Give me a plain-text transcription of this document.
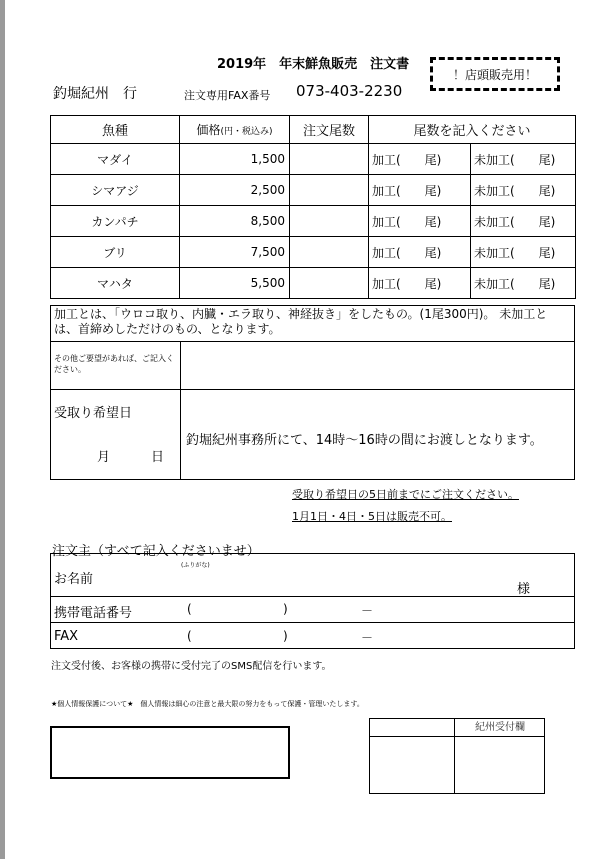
2019年　年末鮮魚販売　注文書
！店頭販売用！
釣堀紀州　行	注文専用FAX番号 073-403-2230
魚種	価格(円・税込み)	注文尾数	尾数を記入ください	
マダイ	1,500		加工(　　尾)	未加工(　　尾)
シマアジ	2,500		加工(　　尾)	未加工(　　尾)
カンパチ	8,500		加工(　　尾)	未加工(　　尾)
ブリ	7,500		加工(　　尾)	未加工(　　尾)
マハタ	5,500		加工(　　尾)	未加工(　　尾)
加工とは、「ウロコ取り、内臓・エラ取り、神経抜き」をしたもの。(1尾300円)。 未加工とは、首締めしただけのもの、となります。
その他ご要望があれば、ご記入ください。
受取り希望日
月	日
釣堀紀州事務所にて、14時～16時の間にお渡しとなります。
受取り希望日の5日前までにご注文ください。
1月1日・4日・5日は販売不可。
注文主（すべて記入くださいませ）
(ふりがな)
お名前
様
携帯電話番号	(	)	－
FAX	(	)	－
注文受付後、お客様の携帯に受付完了のSMS配信を行います。
★個人情報保護について★　個人情報は細心の注意と最大限の努力をもって保護・管理いたします。
紀州受付欄
